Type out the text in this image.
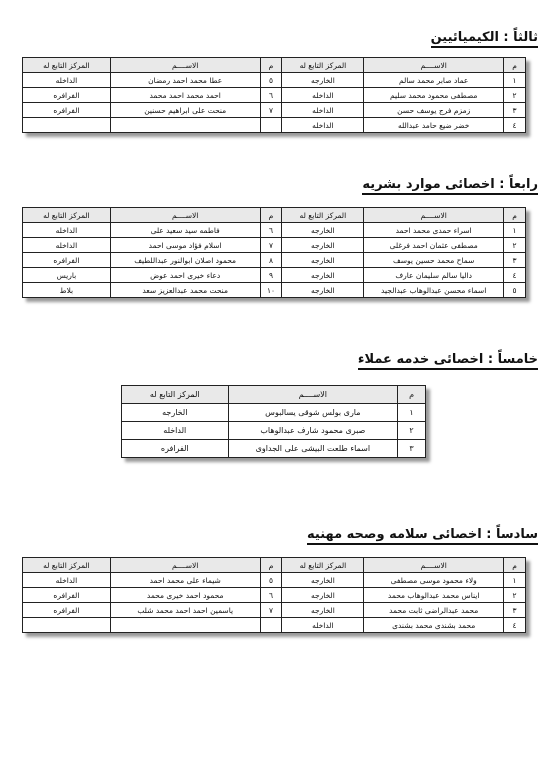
ثالثاً : الكيميائيين
م	الاســــم	المركز التابع له	م	الاســــم	المركز التابع له
١	عماد صابر محمد سالم	الخارجه	٥	عطا محمد احمد رمضان	الداخله
٢	مصطفى محمود محمد سليم	الداخله	٦	احمد محمد احمد محمد	الفرافره
٣	زمزم فرج يوسف حسن	الداخله	٧	منحت على ابراهيم حسنين	الفرافره
٤	خضر ضيع حامد عبدالله	الداخله			
رابعاً : اخصائى موارد بشريه
م	الاســــم	المركز التابع له	م	الاســــم	المركز التابع له
١	اسراء حمدى محمد احمد	الخارجه	٦	فاطمه سيد سعيد على	الداخله
٢	مصطفى عثمان احمد فرغلى	الخارجه	٧	اسلام فؤاد موسى احمد	الداخله
٣	سماح محمد حسين يوسف	الخارجه	٨	محمود اصلان ابوالنور عبداللطيف	الفرافره
٤	داليا سالم سليمان عارف	الخارجه	٩	دعاء خيرى احمد عوض	باريس
٥	اسماء محسن عبدالوهاب عبدالجيد	الخارجه	١٠	منحت محمد عبدالعزيز سعد	بلاط
خامساً : اخصائى خدمه عملاء
م	الاســــم	المركز التابع له
١	مارى بولس شوقى يسالبوس	الخارجه
٢	صبرى محمود شارف عبدالوهاب	الداخله
٣	اسماء طلعت البيشى على الجداوى	الفرافره
سادساً : اخصائى سلامه وصحه مهنيه
م	الاســــم	المركز التابع له	م	الاســــم	المركز التابع له
١	ولاء محمود موسى مصطفى	الخارجه	٥	شيماء على محمد احمد	الداخله
٢	ايناس محمد عبدالوهاب محمد	الخارجه	٦	محمود احمد خيرى محمد	الفرافره
٣	محمد عبدالراضى ثابت محمد	الخارجه	٧	ياسمين احمد احمد محمد شلب	الفرافره
٤	محمد بشندى محمد بشندى	الداخله			
